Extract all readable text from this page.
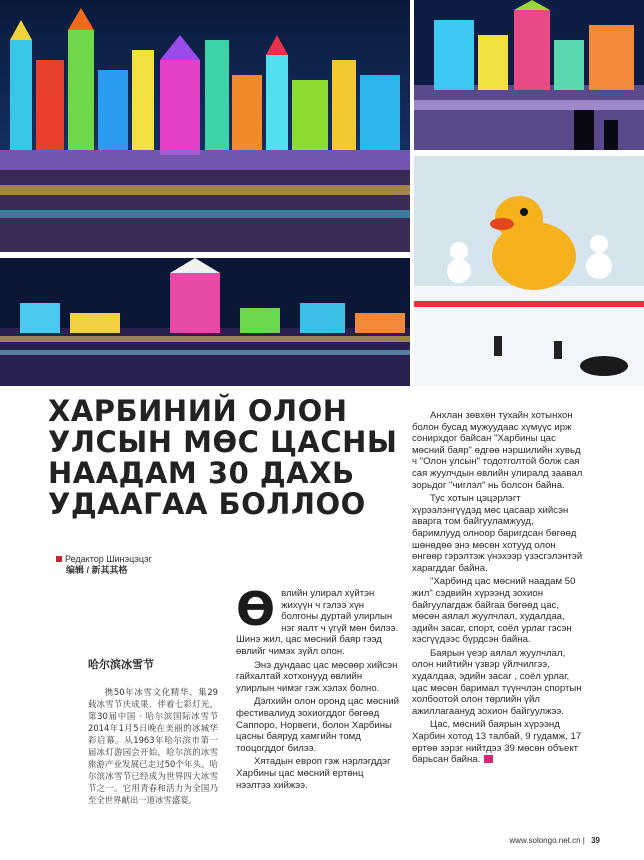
ХАРБИНИЙ ОЛОН УЛСЫН МӨС ЦАСНЫ НААДАМ 30 ДАХЬ УДААГАА БОЛЛОО
Редактор Шинэцэцэг
编辑 / 新其其格
哈尔滨冰雪节

携50年冰雪文化精华、集29载冰雪节庆成果、伴着七彩灯光，第30届中国 · 哈尔滨国际冰雪节2014年1月5日晚在美丽的冰城华彩启幕。从1963年哈尔滨市第一届冰灯游园会开始，哈尔滨的冰雪旅游产业发展已走过50个年头。哈尔滨冰雪节已经成为世界四大冰雪节之一。它用青春和活力为全国乃至全世界献出一道冰雪盛宴。

Өвлийн улирал хүйтэн жихүүн ч гэлээ хүн болгоны дуртай улирлын нэг яалт ч үгүй мөн билээ. Шинэ жил, цас мөсний баяр гээд өвлийг чимэх зүйл олон.

Энэ дундаас цас мөсөөр хийсэн гайхалтай хотхонууд өвлийн улирлын чимэг гэж хэлэх болно.

Дэлхийн олон оронд цас мөсний фестивалиуд зохиогддог бөгөөд Саппоро, Норвеги, болон Харбины цасны баяруд хамгийн томд тооцогддог билээ.

Хятадын европ гэж нэрлэгддэг Харбины цас мөсний ертөнц нээлтээ хийжээ.

Анхлан зөвхөн тухайн хотынхон болон бусад мужуудаас хүмүүс ирж сонирхдог байсан "Харбины цас мөсний баяр" өдгөө нэршилийн хувьд ч "Олон улсын" тодотголтой болж сая сая жуулчдын өвлийн улиралд заавал зорьдог "чиглэл" нь болсон байна.

Тус хотын цэцэрлэгт хүрээлэнгүүдэд мөс цасаар хийсэн аварга том байгууламжууд, баримлууд олноор баригдсан бөгөөд шөнөдөө энэ мөсөн хотууд олон өнгөөр гэрэлтэж үнэхээр үзэсгэлэнтэй харагддаг байна.

"Харбинд цас мөсний наадам 50 жил" сэдвийн хүрээнд зохион байгуулагдаж байгаа бөгөөд цас, мөсөн аялал жуулчлал, худалдаа, эдийн засаг, спорт, соёл урлаг гэсэн хэсгүүдээс бүрдсэн байна.

Баярын үеэр аялал жуулчлал, олон нийтийн үзвэр үйлчилгээ, худалдаа, эдийн засаг , соёл урлаг, цас мөсөн баримал түүнчлэн спортын холбоотой олон төрлийн үйл ажиллагаануд зохион байгуулжээ.

Цас, мөсний баярын хүрээнд Харбин хотод 13 талбай, 9 гудамж, 17 өртөө зэрэг нийтдээ 39 мөсөн объект барьсан байна.

www.solongo.net.cn | 39
